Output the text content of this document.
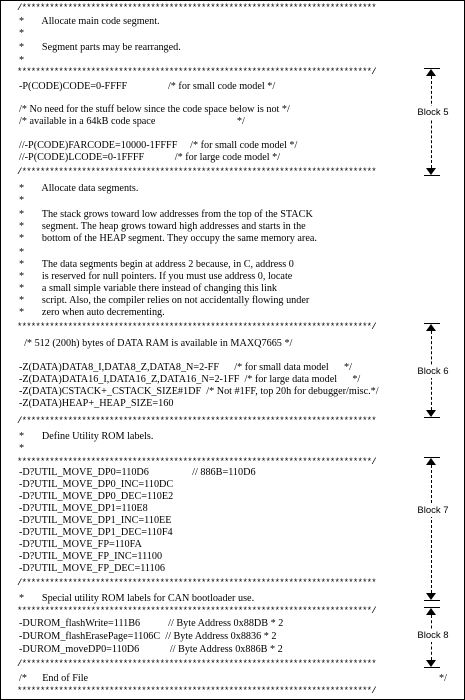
/*****************************************************************************
*       Allocate main code segment.
*
*       Segment parts may be rearranged.
*
*****************************************************************************/
-P(CODE)CODE=0-FFFF                /* for small code model */
/* No need for the stuff below since the code space below is not */
/* available in a 64kB code space                                */
//-P(CODE)FARCODE=10000-1FFFF     /* for small code model */
//-P(CODE)LCODE=0-1FFFF            /* for large code model */
/*****************************************************************************
*       Allocate data segments.
*
*       The stack grows toward low addresses from the top of the STACK
*       segment. The heap grows toward high addresses and starts in the
*       bottom of the HEAP segment. They occupy the same memory area.
*
*       The data segments begin at address 2 because, in C, address 0
*       is reserved for null pointers. If you must use address 0, locate
*       a small simple variable there instead of changing this link
*       script. Also, the compiler relies on not accidentally flowing under
*       zero when auto decrementing.
*****************************************************************************/
/* 512 (200h) bytes of DATA RAM is available in MAXQ7665 */
-Z(DATA)DATA8_I,DATA8_Z,DATA8_N=2-FF      /* for small data model      */
-Z(DATA)DATA16_I,DATA16_Z,DATA16_N=2-1FF  /* for large data model      */
-Z(DATA)CSTACK+_CSTACK_SIZE#1DF  /* Not #1FF, top 20h for debugger/misc.*/
-Z(DATA)HEAP+_HEAP_SIZE=160
/*****************************************************************************
*       Define Utility ROM labels.
*
*****************************************************************************/
-D?UTIL_MOVE_DP0=110D6                 // 886B=110D6
-D?UTIL_MOVE_DP0_INC=110DC
-D?UTIL_MOVE_DP0_DEC=110E2
-D?UTIL_MOVE_DP1=110E8
-D?UTIL_MOVE_DP1_INC=110EE
-D?UTIL_MOVE_DP1_DEC=110F4
-D?UTIL_MOVE_FP=110FA
-D?UTIL_MOVE_FP_INC=11100
-D?UTIL_MOVE_FP_DEC=11106
/*****************************************************************************
*       Special utility ROM labels for CAN bootloader use.
*****************************************************************************/
-DUROM_flashWrite=111B6           // Byte Address 0x88DB * 2
-DUROM_flashErasePage=1106C  // Byte Address 0x8836 * 2
-DUROM_moveDP0=110D6            // Byte Address 0x886B * 2
/*****************************************************************************
/*      End of File	*/
*****************************************************************************/
Block 5
Block 6
Block 7
Block 8
